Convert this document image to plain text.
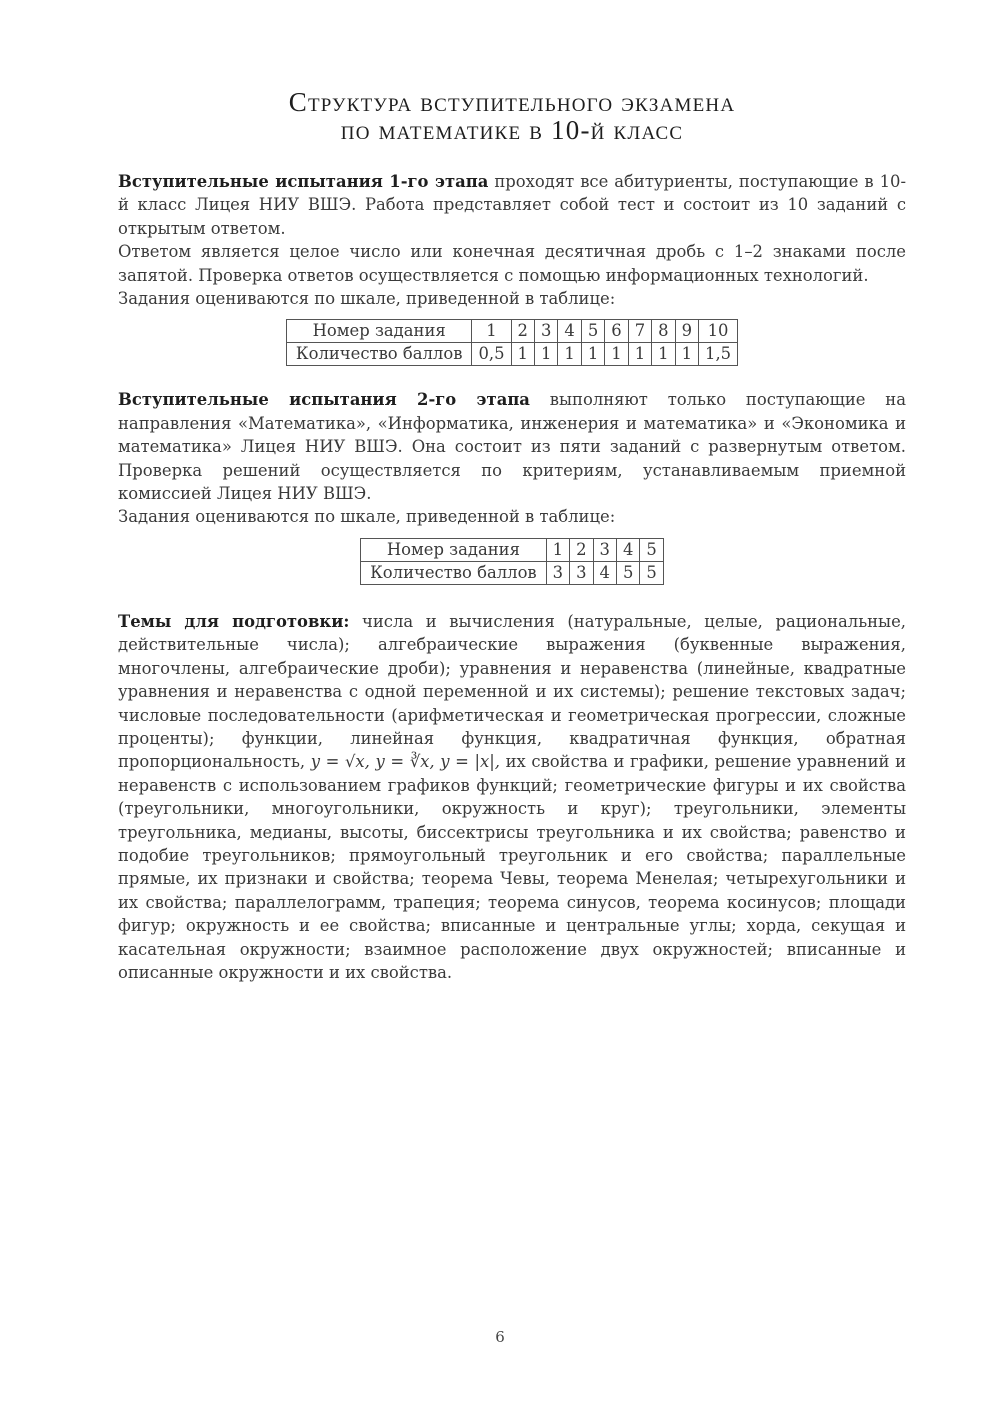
Структура вступительного экзамена
по математике в 10-й класс

Вступительные испытания 1-го этапа проходят все абитуриенты, поступающие в 10-й класс Лицея НИУ ВШЭ. Работа представляет собой тест и состоит из 10 заданий с открытым ответом.

Ответом является целое число или конечная десятичная дробь с 1–2 знаками после запятой. Проверка ответов осуществляется с помощью информационных технологий.

Задания оцениваются по шкале, приведенной в таблице:

Номер задания	1	2	3	4	5	6	7	8	9	10
Количество баллов	0,5	1	1	1	1	1	1	1	1	1,5

Вступительные испытания 2-го этапа выполняют только поступающие на направления «Математика», «Информатика, инженерия и математика» и «Экономика и математика» Лицея НИУ ВШЭ. Она состоит из пяти заданий с развернутым ответом. Проверка решений осуществляется по критериям, устанавливаемым приемной комиссией Лицея НИУ ВШЭ.

Задания оцениваются по шкале, приведенной в таблице:

Номер задания	1	2	3	4	5
Количество баллов	3	3	4	5	5

Темы для подготовки: числа и вычисления (натуральные, целые, рациональные, действительные числа); алгебраические выражения (буквенные выражения, многочлены, алгебраические дроби); уравнения и неравенства (линейные, квадратные уравнения и неравенства с одной переменной и их системы); решение текстовых задач; числовые последовательности (арифметическая и геометрическая прогрессии, сложные проценты); функции, линейная функция, квадратичная функция, обратная пропорциональность, y = √x, y = ∛x, y = |x|, их свойства и графики, решение уравнений и неравенств с использованием графиков функций; геометрические фигуры и их свойства (треугольники, многоугольники, окружность и круг); треугольники, элементы треугольника, медианы, высоты, биссектрисы треугольника и их свойства; равенство и подобие треугольников; прямоугольный треугольник и его свойства; параллельные прямые, их признаки и свойства; теорема Чевы, теорема Менелая; четырехугольники и их свойства; параллелограмм, трапеция; теорема синусов, теорема косинусов; площади фигур; окружность и ее свойства; вписанные и центральные углы; хорда, секущая и касательная окружности; взаимное расположение двух окружностей; вписанные и описанные окружности и их свойства.

6
